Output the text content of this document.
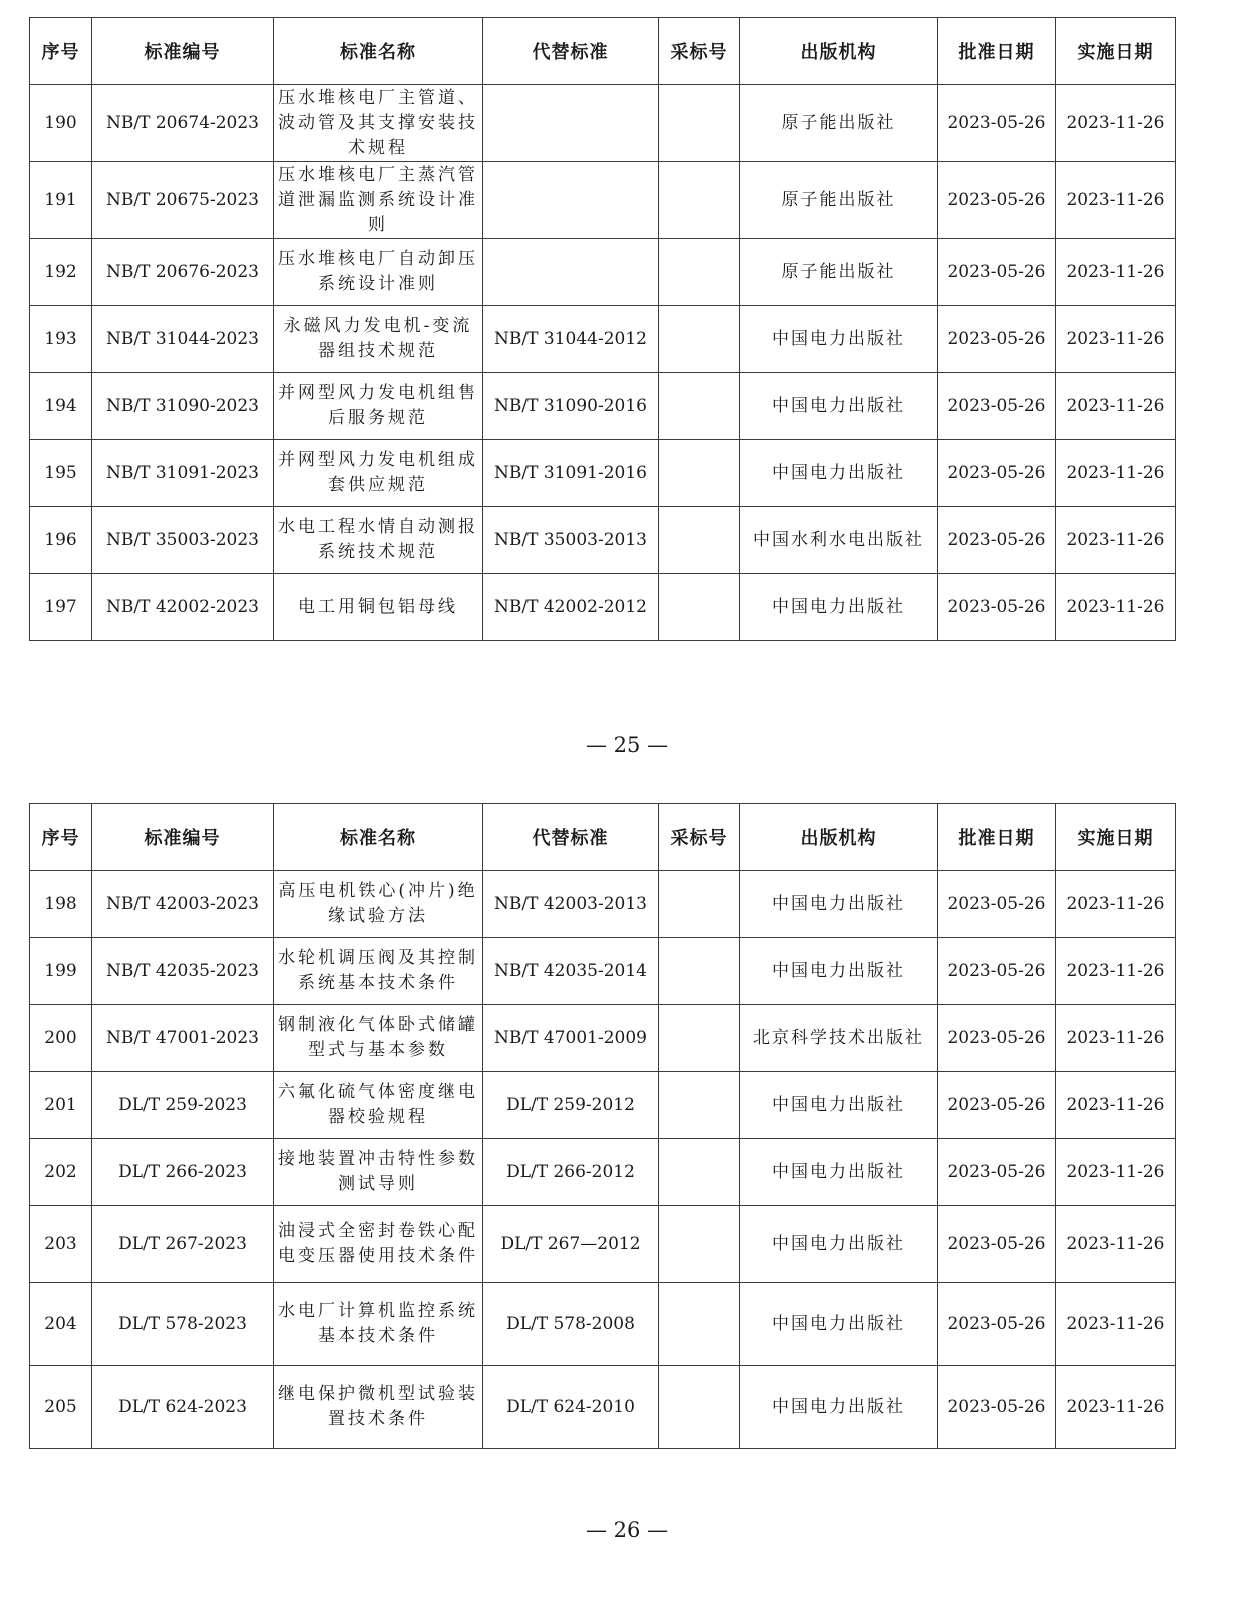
序号	标准编号	标准名称	代替标准	采标号	出版机构	批准日期	实施日期
190	NB/T 20674-2023	压水堆核电厂主管道、波动管及其支撑安装技术规程			原子能出版社	2023-05-26	2023-11-26
191	NB/T 20675-2023	压水堆核电厂主蒸汽管道泄漏监测系统设计准则			原子能出版社	2023-05-26	2023-11-26
192	NB/T 20676-2023	压水堆核电厂自动卸压系统设计准则			原子能出版社	2023-05-26	2023-11-26
193	NB/T 31044-2023	永磁风力发电机-变流器组技术规范	NB/T 31044-2012		中国电力出版社	2023-05-26	2023-11-26
194	NB/T 31090-2023	并网型风力发电机组售后服务规范	NB/T 31090-2016		中国电力出版社	2023-05-26	2023-11-26
195	NB/T 31091-2023	并网型风力发电机组成套供应规范	NB/T 31091-2016		中国电力出版社	2023-05-26	2023-11-26
196	NB/T 35003-2023	水电工程水情自动测报系统技术规范	NB/T 35003-2013		中国水利水电出版社	2023-05-26	2023-11-26
197	NB/T 42002-2023	电工用铜包铝母线	NB/T 42002-2012		中国电力出版社	2023-05-26	2023-11-26
— 25 —
序号	标准编号	标准名称	代替标准	采标号	出版机构	批准日期	实施日期
198	NB/T 42003-2023	高压电机铁心(冲片)绝缘试验方法	NB/T 42003-2013		中国电力出版社	2023-05-26	2023-11-26
199	NB/T 42035-2023	水轮机调压阀及其控制系统基本技术条件	NB/T 42035-2014		中国电力出版社	2023-05-26	2023-11-26
200	NB/T 47001-2023	钢制液化气体卧式储罐型式与基本参数	NB/T 47001-2009		北京科学技术出版社	2023-05-26	2023-11-26
201	DL/T 259-2023	六氟化硫气体密度继电器校验规程	DL/T 259-2012		中国电力出版社	2023-05-26	2023-11-26
202	DL/T 266-2023	接地装置冲击特性参数测试导则	DL/T 266-2012		中国电力出版社	2023-05-26	2023-11-26
203	DL/T 267-2023	油浸式全密封卷铁心配电变压器使用技术条件	DL/T 267—2012		中国电力出版社	2023-05-26	2023-11-26
204	DL/T 578-2023	水电厂计算机监控系统基本技术条件	DL/T 578-2008		中国电力出版社	2023-05-26	2023-11-26
205	DL/T 624-2023	继电保护微机型试验装置技术条件	DL/T 624-2010		中国电力出版社	2023-05-26	2023-11-26
— 26 —
